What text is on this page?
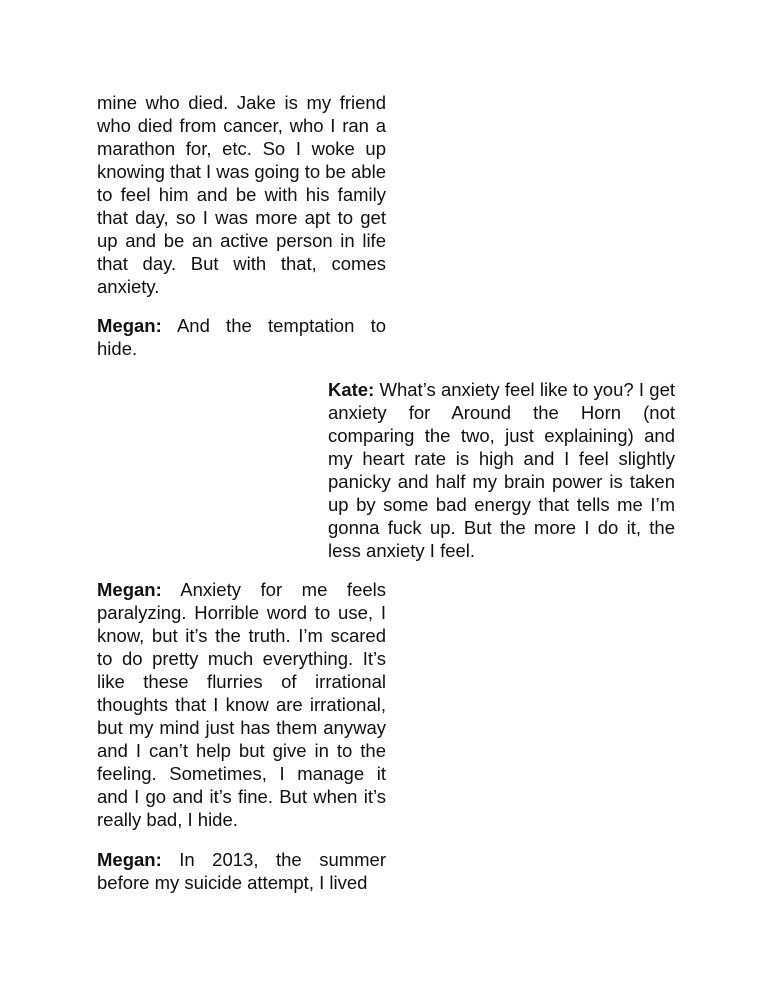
mine who died. Jake is my friend who died from cancer, who I ran a marathon for, etc. So I woke up knowing that I was going to be able to feel him and be with his family that day, so I was more apt to get up and be an active person in life that day. But with that, comes anxiety.

Megan: And the temptation to hide.

Kate: What’s anxiety feel like to you? I get anxiety for Around the Horn (not comparing the two, just explaining) and my heart rate is high and I feel slightly panicky and half my brain power is taken up by some bad energy that tells me I’m gonna fuck up. But the more I do it, the less anxiety I feel.

Megan: Anxiety for me feels paralyzing. Horrible word to use, I know, but it’s the truth. I’m scared to do pretty much everything. It’s like these flurries of irrational thoughts that I know are irrational, but my mind just has them anyway and I can’t help but give in to the feeling. Sometimes, I manage it and I go and it’s fine. But when it’s really bad, I hide.

Megan: In 2013, the summer before my suicide attempt, I lived
